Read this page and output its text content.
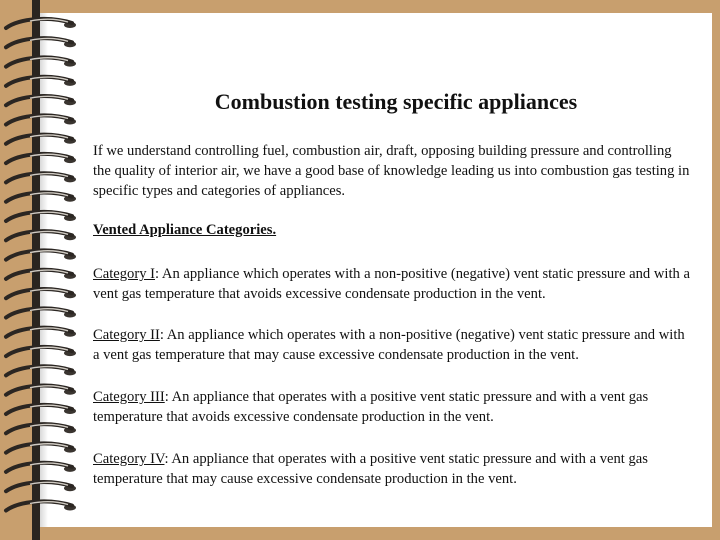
Combustion testing specific appliances

If we understand controlling fuel, combustion air, draft, opposing building pressure and controlling the quality of interior air, we have a good base of knowledge leading us into combustion gas testing in specific types and categories of appliances.

Vented Appliance Categories.

Category I: An appliance which operates with a non-positive (negative) vent static pressure and with a vent gas temperature that avoids excessive condensate production in the vent.

Category II: An appliance which operates with a non-positive (negative) vent static pressure and with a vent gas temperature that may cause excessive condensate production in the vent.

Category III: An appliance that operates with a positive vent static pressure and with a vent gas temperature that avoids excessive condensate production in the vent.

Category IV: An appliance that operates with a positive vent static pressure and with a vent gas temperature that may cause excessive condensate production in the vent.
